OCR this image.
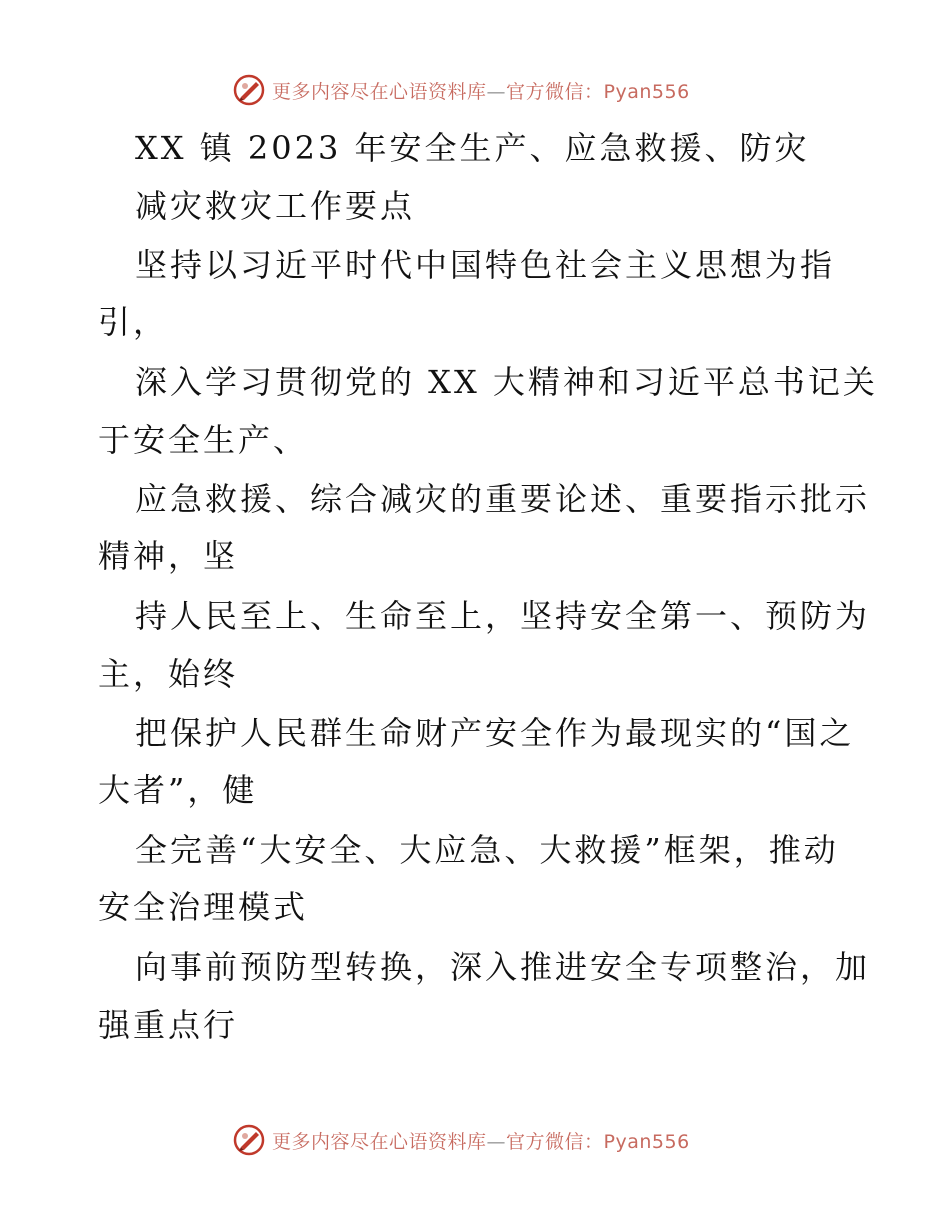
更多内容尽在心语资料库—官方微信：Pyan556
XX 镇 2023 年安全生产、应急救援、防灾
减灾救灾工作要点
坚持以习近平时代中国特色社会主义思想为指
引，
深入学习贯彻党的 XX 大精神和习近平总书记关
于安全生产、
应急救援、综合减灾的重要论述、重要指示批示
精神，坚
持人民至上、生命至上，坚持安全第一、预防为
主，始终
把保护人民群生命财产安全作为最现实的“国之
大者”，健
全完善“大安全、大应急、大救援”框架，推动
安全治理模式
向事前预防型转换，深入推进安全专项整治，加
强重点行
更多内容尽在心语资料库—官方微信：Pyan556
